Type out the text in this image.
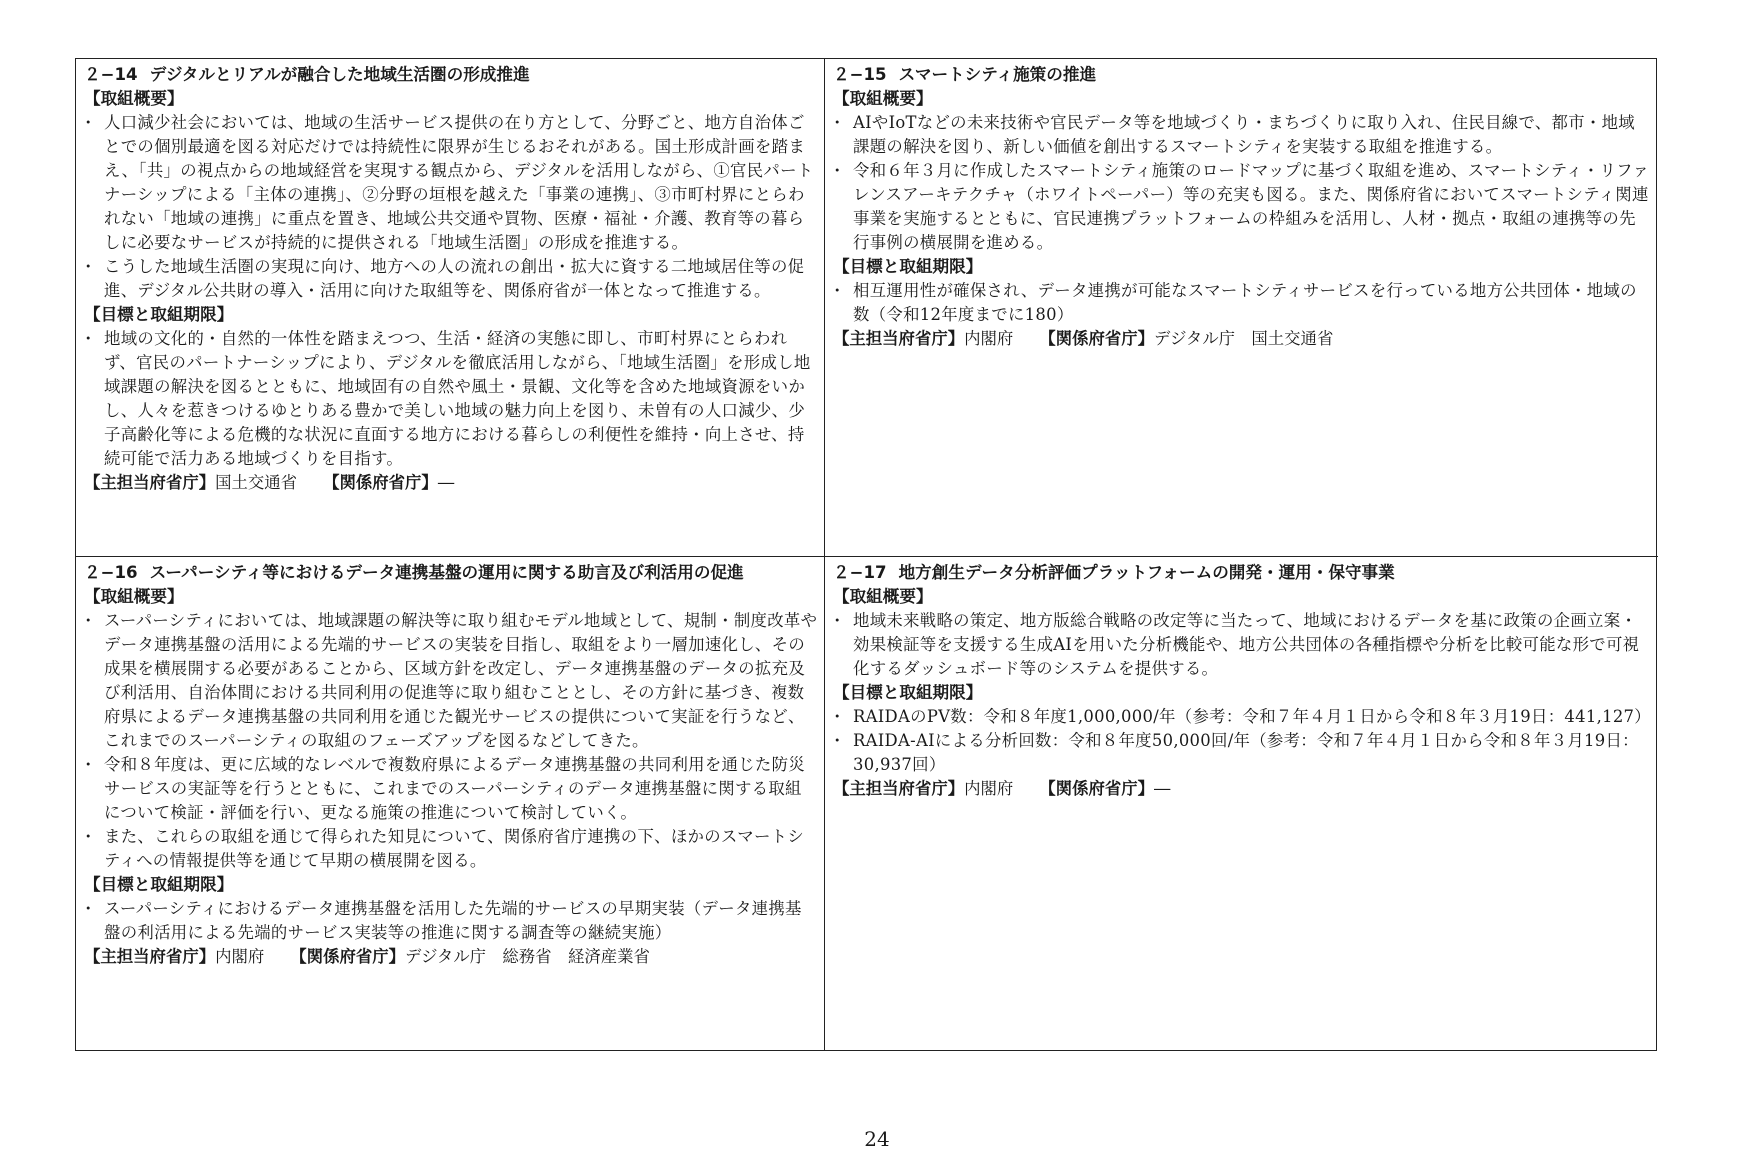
２−14 デジタルとリアルが融合した地域生活圏の形成推進

【取組概要】
・ 人口減少社会においては、地域の生活サービス提供の在り方として、分野ごと、地方自治体ごとでの個別最適を図る対応だけでは持続性に限界が生じるおそれがある。国土形成計画を踏まえ、「共」の視点からの地域経営を実現する観点から、デジタルを活用しながら、①官民パートナーシップによる「主体の連携」、②分野の垣根を越えた「事業の連携」、③市町村界にとらわれない「地域の連携」に重点を置き、地域公共交通や買物、医療・福祉・介護、教育等の暮らしに必要なサービスが持続的に提供される「地域生活圏」の形成を推進する。
・ こうした地域生活圏の実現に向け、地方への人の流れの創出・拡大に資する二地域居住等の促進、デジタル公共財の導入・活用に向けた取組等を、関係府省が一体となって推進する。
【目標と取組期限】
・ 地域の文化的・自然的一体性を踏まえつつ、生活・経済の実態に即し、市町村界にとらわれず、官民のパートナーシップにより、デジタルを徹底活用しながら、「地域生活圏」を形成し地域課題の解決を図るとともに、地域固有の自然や風土・景観、文化等を含めた地域資源をいかし、人々を惹きつけるゆとりある豊かで美しい地域の魅力向上を図り、未曽有の人口減少、少子高齢化等による危機的な状況に直面する地方における暮らしの利便性を維持・向上させ、持続可能で活力ある地域づくりを目指す。
【主担当府省庁】国土交通省 【関係府省庁】―

２−15 スマートシティ施策の推進

【取組概要】
・ AIやIoTなどの未来技術や官民データ等を地域づくり・まちづくりに取り入れ、住民目線で、都市・地域課題の解決を図り、新しい価値を創出するスマートシティを実装する取組を推進する。
・ 令和６年３月に作成したスマートシティ施策のロードマップに基づく取組を進め、スマートシティ・リファレンスアーキテクチャ（ホワイトペーパー）等の充実も図る。また、関係府省においてスマートシティ関連事業を実施するとともに、官民連携プラットフォームの枠組みを活用し、人材・拠点・取組の連携等の先行事例の横展開を進める。
【目標と取組期限】
・ 相互運用性が確保され、データ連携が可能なスマートシティサービスを行っている地方公共団体・地域の数（令和12年度までに180）
【主担当府省庁】内閣府 【関係府省庁】デジタル庁　国土交通省

２−16 スーパーシティ等におけるデータ連携基盤の運用に関する助言及び利活用の促進

【取組概要】
・ スーパーシティにおいては、地域課題の解決等に取り組むモデル地域として、規制・制度改革やデータ連携基盤の活用による先端的サービスの実装を目指し、取組をより一層加速化し、その成果を横展開する必要があることから、区域方針を改定し、データ連携基盤のデータの拡充及び利活用、自治体間における共同利用の促進等に取り組むこととし、その方針に基づき、複数府県によるデータ連携基盤の共同利用を通じた観光サービスの提供について実証を行うなど、これまでのスーパーシティの取組のフェーズアップを図るなどしてきた。
・ 令和８年度は、更に広域的なレベルで複数府県によるデータ連携基盤の共同利用を通じた防災サービスの実証等を行うとともに、これまでのスーパーシティのデータ連携基盤に関する取組について検証・評価を行い、更なる施策の推進について検討していく。
・ また、これらの取組を通じて得られた知見について、関係府省庁連携の下、ほかのスマートシティへの情報提供等を通じて早期の横展開を図る。
【目標と取組期限】
・ スーパーシティにおけるデータ連携基盤を活用した先端的サービスの早期実装（データ連携基盤の利活用による先端的サービス実装等の推進に関する調査等の継続実施）
【主担当府省庁】内閣府 【関係府省庁】デジタル庁　総務省　経済産業省

２−17 地方創生データ分析評価プラットフォームの開発・運用・保守事業

【取組概要】
・ 地域未来戦略の策定、地方版総合戦略の改定等に当たって、地域におけるデータを基に政策の企画立案・効果検証等を支援する生成AIを用いた分析機能や、地方公共団体の各種指標や分析を比較可能な形で可視化するダッシュボード等のシステムを提供する。
【目標と取組期限】
・ RAIDAのPV数：令和８年度1,000,000/年（参考：令和７年４月１日から令和８年３月19日：441,127）
・ RAIDA-AIによる分析回数：令和８年度50,000回/年（参考：令和７年４月１日から令和８年３月19日：30,937回）
【主担当府省庁】内閣府 【関係府省庁】―
24
